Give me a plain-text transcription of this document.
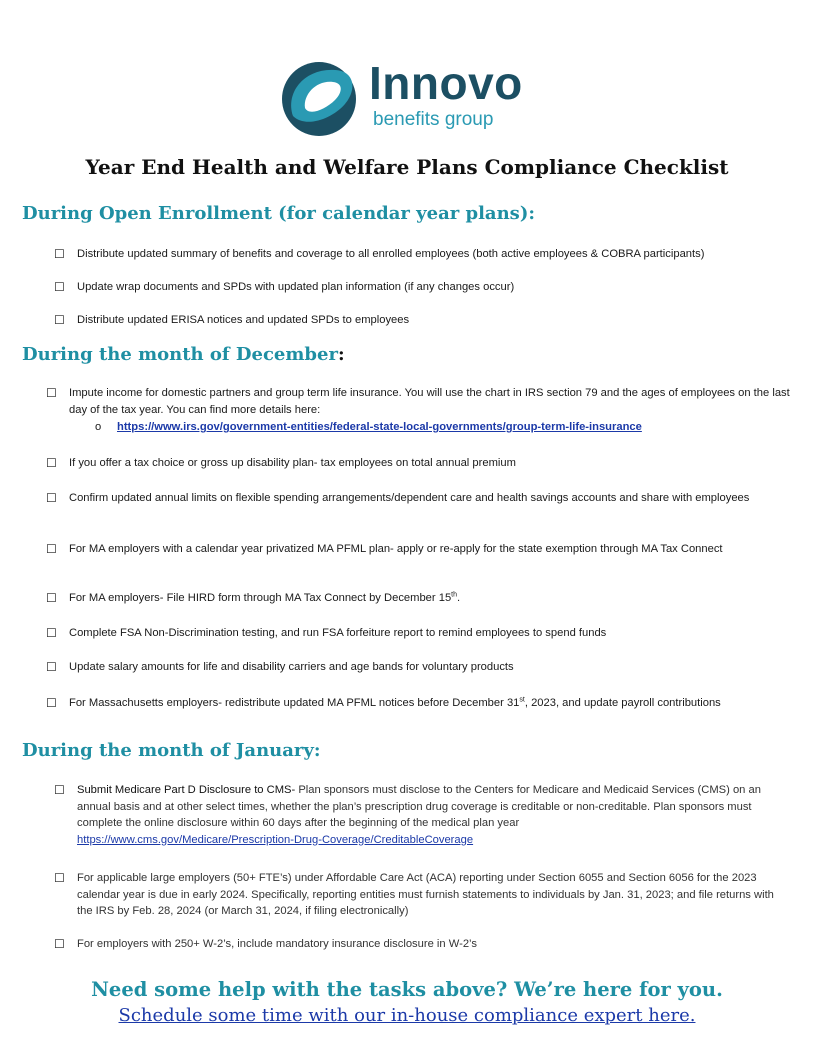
Innovo
benefits group
Year End Health and Welfare Plans Compliance Checklist
During Open Enrollment (for calendar year plans):
☐	Distribute updated summary of benefits and coverage to all enrolled employees (both active employees & COBRA participants)
☐	Update wrap documents and SPDs with updated plan information (if any changes occur)
☐	Distribute updated ERISA notices and updated SPDs to employees
During the month of December:
☐	Impute income for domestic partners and group term life insurance. You will use the chart in IRS section 79 and the ages of employees on the last day of the tax year. You can find more details here:
o https://www.irs.gov/government-entities/federal-state-local-governments/group-term-life-insurance
☐	If you offer a tax choice or gross up disability plan- tax employees on total annual premium
☐	Confirm updated annual limits on flexible spending arrangements/dependent care and health savings accounts and share with employees
☐	For MA employers with a calendar year privatized MA PFML plan- apply or re-apply for the state exemption through MA Tax Connect
☐	For MA employers- File HIRD form through MA Tax Connect by December 15th.
☐	Complete FSA Non-Discrimination testing, and run FSA forfeiture report to remind employees to spend funds
☐	Update salary amounts for life and disability carriers and age bands for voluntary products
☐	For Massachusetts employers- redistribute updated MA PFML notices before December 31st, 2023, and update payroll contributions
During the month of January:
☐	Submit Medicare Part D Disclosure to CMS- Plan sponsors must disclose to the Centers for Medicare and Medicaid Services (CMS) on an annual basis and at other select times, whether the plan’s prescription drug coverage is creditable or non-creditable. Plan sponsors must complete the online disclosure within 60 days after the beginning of the medical plan year
https://www.cms.gov/Medicare/Prescription-Drug-Coverage/CreditableCoverage
☐	For applicable large employers (50+ FTE’s) under Affordable Care Act (ACA) reporting under Section 6055 and Section 6056 for the 2023 calendar year is due in early 2024. Specifically, reporting entities must furnish statements to individuals by Jan. 31, 2023; and file returns with the IRS by Feb. 28, 2024 (or March 31, 2024, if filing electronically)
☐	For employers with 250+ W-2’s, include mandatory insurance disclosure in W-2’s
Need some help with the tasks above? We’re here for you.
Schedule some time with our in-house compliance expert here.
